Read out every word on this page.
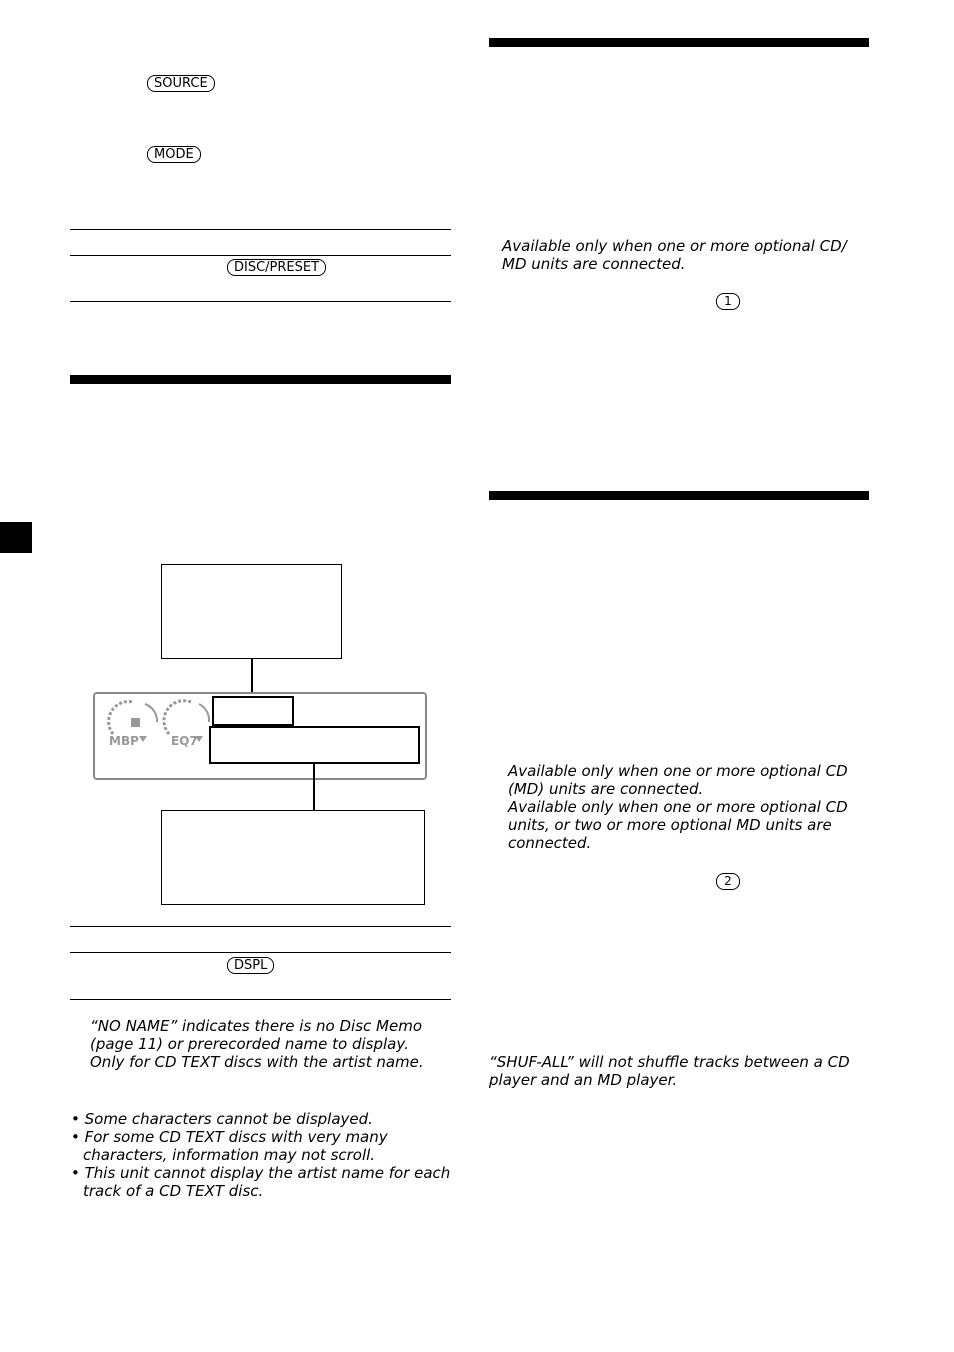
SOURCE
MODE
DISC/PRESET
MBP	EQ7
DSPL
“NO NAME” indicates there is no Disc Memo (page 11) or prerecorded name to display.
Only for CD TEXT discs with the artist name.
• Some characters cannot be displayed.
• For some CD TEXT discs with very many characters, information may not scroll.
• This unit cannot display the artist name for each track of a CD TEXT disc.
Available only when one or more optional CD/ MD units are connected.
1
Available only when one or more optional CD (MD) units are connected.
Available only when one or more optional CD units, or two or more optional MD units are connected.
2
“SHUF-ALL” will not shuffle tracks between a CD player and an MD player.
